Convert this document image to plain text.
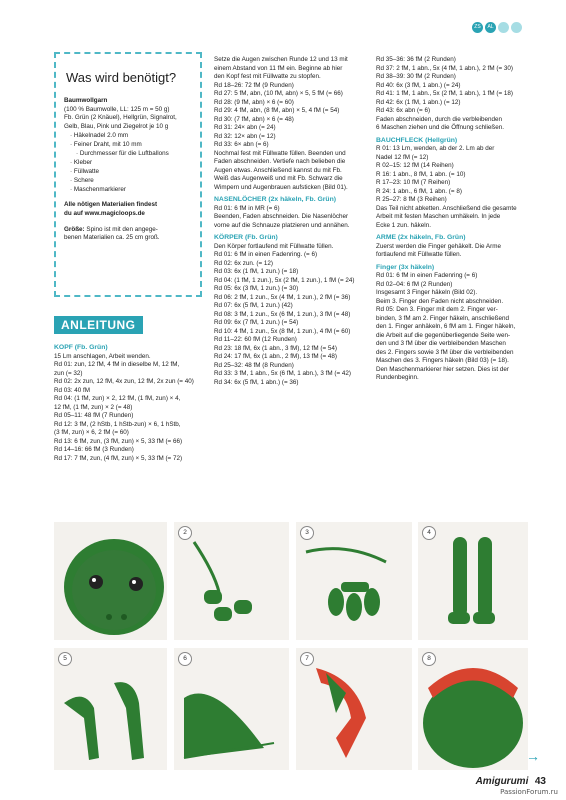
ZS	AL
Was wird benötigt?

Baumwollgarn

(100 % Baumwolle, LL: 125 m = 50 g)

Fb. Grün (2 Knäuel), Hellgrün, Signalrot,

Gelb, Blau, Pink und Ziegelrot je 10 g

· Häkelnadel 2.0 mm
· Feiner Draht, mit 10 mm
· Durchmesser für die Luftballons
· Kleber
· Füllwatte
· Schere
· Maschenmarkierer

Alle nötigen Materialien findest

du auf www.magicloops.de

Größe: Spino ist mit den angege-

benen Materialien ca. 25 cm groß.

ANLEITUNG

KOPF (Fb. Grün)

15 Lm anschlagen, Arbeit wenden.

Rd 01: zun, 12 fM, 4 fM in dieselbe M, 12 fM,

zun (= 32)

Rd 02: 2x zun, 12 fM, 4x zun, 12 fM, 2x zun (= 40)

Rd 03: 40 fM

Rd 04: (1 fM, zun) × 2, 12 fM, (1 fM, zun) × 4,

12 fM, (1 fM, zun) × 2 (= 48)

Rd 05–11: 48 fM (7 Runden)

Rd 12: 3 fM, (2 hStb, 1 hStb-zun) × 6, 1 hStb,

(3 fM, zun) × 6, 2 fM (= 60)

Rd 13: 6 fM, zun, (3 fM, zun) × 5, 33 fM (= 66)

Rd 14–16: 66 fM (3 Runden)

Rd 17: 7 fM, zun, (4 fM, zun) × 5, 33 fM (= 72)

Setze die Augen zwischen Runde 12 und 13 mit

einem Abstand von 11 fM ein. Beginne ab hier

den Kopf fest mit Füllwatte zu stopfen.

Rd 18–26: 72 fM (9 Runden)

Rd 27: 5 fM, abn, (10 fM, abn) × 5, 5 fM (= 66)

Rd 28: (9 fM, abn) × 6 (= 60)

Rd 29: 4 fM, abn, (8 fM, abn) × 5, 4 fM (= 54)

Rd 30: (7 fM, abn) × 6 (= 48)

Rd 31: 24× abn (= 24)

Rd 32: 12× abn (= 12)

Rd 33: 6× abn (= 6)

Nochmal fest mit Füllwatte füllen. Beenden und

Faden abschneiden. Vertiefe nach belieben die

Augen etwas. Anschließend kannst du mit Fb.

Weiß das Augenweiß und mit Fb. Schwarz die

Wimpern und Augenbrauen aufsticken (Bild 01).

NASENLÖCHER (2x häkeln, Fb. Grün)

Rd 01: 6 fM in MR (= 6)

Beenden, Faden abschneiden. Die Nasenlöcher

vorne auf die Schnauze platzieren und annähen.

KÖRPER (Fb. Grün)

Den Körper fortlaufend mit Füllwatte füllen.

Rd 01: 6 fM in einen Fadenring. (= 6)

Rd 02: 6x zun. (= 12)

Rd 03: 6x (1 fM, 1 zun.) (= 18)

Rd 04: (1 fM, 1 zun.), 5x (2 fM, 1 zun.), 1 fM (= 24)

Rd 05: 6x (3 fM, 1 zun.) (= 30)

Rd 06: 2 fM, 1 zun., 5x (4 fM, 1 zun.), 2 fM (= 36)

Rd 07: 6x (5 fM, 1 zun.) (42)

Rd 08: 3 fM, 1 zun., 5x (6 fM, 1 zun.), 3 fM (= 48)

Rd 09: 6x (7 fM, 1 zun.) (= 54)

Rd 10: 4 fM, 1 zun., 5x (8 fM, 1 zun.), 4 fM (= 60)

Rd 11–22: 60 fM (12 Runden)

Rd 23: 18 fM, 6x (1 abn., 3 fM), 12 fM (= 54)

Rd 24: 17 fM, 6x (1 abn., 2 fM), 13 fM (= 48)

Rd 25–32: 48 fM (8 Runden)

Rd 33: 3 fM, 1 abn., 5x (6 fM, 1 abn.), 3 fM (= 42)

Rd 34: 6x (5 fM, 1 abn.) (= 36)

Rd 35–36: 36 fM (2 Runden)

Rd 37: 2 fM, 1 abn., 5x (4 fM, 1 abn.), 2 fM (= 30)

Rd 38–39: 30 fM (2 Runden)

Rd 40: 6x (3 fM, 1 abn.) (= 24)

Rd 41: 1 fM, 1 abn., 5x (2 fM, 1 abn.), 1 fM (= 18)

Rd 42: 6x (1 fM, 1 abn.) (= 12)

Rd 43: 6x abn (= 6)

Faden abschneiden, durch die verbleibenden

6 Maschen ziehen und die Öffnung schließen.

BAUCHFLECK (Hellgrün)

R 01: 13 Lm, wenden, ab der 2. Lm ab der

Nadel 12 fM (= 12)

R 02–15: 12 fM (14 Reihen)

R 16: 1 abn., 8 fM, 1 abn. (= 10)

R 17–23: 10 fM (7 Reihen)

R 24: 1 abn., 6 fM, 1 abn. (= 8)

R 25–27: 8 fM (3 Reihen)

Das Teil nicht abketten. Anschließend die gesamte

Arbeit mit festen Maschen umhäkeln. In jede

Ecke 1 zun. häkeln.

ARME (2x häkeln, Fb. Grün)

Zuerst werden die Finger gehäkelt. Die Arme

fortlaufend mit Füllwatte füllen.

Finger (3x häkeln)

Rd 01: 6 fM in einen Fadenring (= 6)

Rd 02–04: 6 fM (2 Runden)

Insgesamt 3 Finger häkeln (Bild 02).

Beim 3. Finger den Faden nicht abschneiden.

Rd 05: Den 3. Finger mit dem 2. Finger ver-

binden, 3 fM am 2. Finger häkeln, anschließend

den 1. Finger anhäkeln, 6 fM am 1. Finger häkeln,

die Arbeit auf die gegenüberliegende Seite wen-

den und 3 fM über die verbleibenden Maschen

des 2. Fingers sowie 3 fM über die verbleibenden

Maschen des 3. Fingers häkeln (Bild 03) (= 18).

Den Maschenmarkierer hier setzen. Dies ist der

Rundenbeginn.

2	3	4
5	6	7	8
→
Amigurumi 43
PassionForum.ru
